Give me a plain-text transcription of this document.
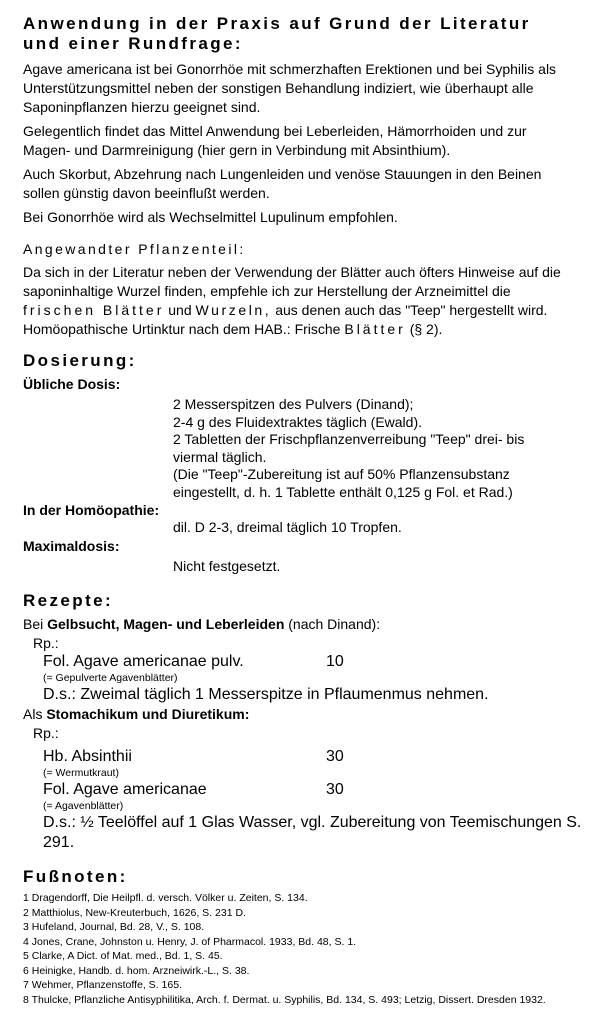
Anwendung in der Praxis auf Grund der Literatur
und einer Rundfrage:

Agave americana ist bei Gonorrhöe mit schmerzhaften Erektionen und bei Syphilis als Unterstützungsmittel neben der sonstigen Behandlung indiziert, wie überhaupt alle Saponinpflanzen hierzu geeignet sind.

Gelegentlich findet das Mittel Anwendung bei Leberleiden, Hämorrhoiden und zur Magen- und Darmreinigung (hier gern in Verbindung mit Absinthium).

Auch Skorbut, Abzehrung nach Lungenleiden und venöse Stauungen in den Beinen sollen günstig davon beeinflußt werden.

Bei Gonorrhöe wird als Wechselmittel Lupulinum empfohlen.

Angewandter Pflanzenteil:

Da sich in der Literatur neben der Verwendung der Blätter auch öfters Hinweise auf die saponinhaltige Wurzel finden, empfehle ich zur Herstellung der Arzneimittel die frischen Blätter und Wurzeln, aus denen auch das "Teep" hergestellt wird. Homöopathische Urtinktur nach dem HAB.: Frische Blätter (§ 2).

Dosierung:
Übliche Dosis:
2 Messerspitzen des Pulvers (Dinand);
2-4 g des Fluidextraktes täglich (Ewald).
2 Tabletten der Frischpflanzenverreibung "Teep" drei- bis viermal täglich.
(Die "Teep"-Zubereitung ist auf 50% Pflanzensubstanz eingestellt, d. h. 1 Tablette enthält 0,125 g Fol. et Rad.)
In der Homöopathie:
dil. D 2-3, dreimal täglich 10 Tropfen.
Maximaldosis:
Nicht festgesetzt.
Rezepte:
Bei Gelbsucht, Magen- und Leberleiden (nach Dinand):
Rp.:
Fol. Agave americanae pulv.	10
(= Gepulverte Agavenblätter)
D.s.: Zweimal täglich 1 Messerspitze in Pflaumenmus nehmen.
Als Stomachikum und Diuretikum:
Rp.:
Hb. Absinthii	30
(= Wermutkraut)
Fol. Agave americanae	30
(= Agavenblätter)
D.s.: ½ Teelöffel auf 1 Glas Wasser, vgl. Zubereitung von Teemischungen S. 291.
Fußnoten:

1 Dragendorff, Die Heilpfl. d. versch. Völker u. Zeiten, S. 134.

2 Matthiolus, New-Kreuterbuch, 1626, S. 231 D.

3 Hufeland, Journal, Bd. 28, V., S. 108.

4 Jones, Crane, Johnston u. Henry, J. of Pharmacol. 1933, Bd. 48, S. 1.

5 Clarke, A Dict. of Mat. med., Bd. 1, S. 45.

6 Heinigke, Handb. d. hom. Arzneiwirk.-L., S. 38.

7 Wehmer, Pflanzenstoffe, S. 165.

8 Thulcke, Pflanzliche Antisyphilitika, Arch. f. Dermat. u. Syphilis, Bd. 134, S. 493; Letzig, Dissert. Dresden 1932.
